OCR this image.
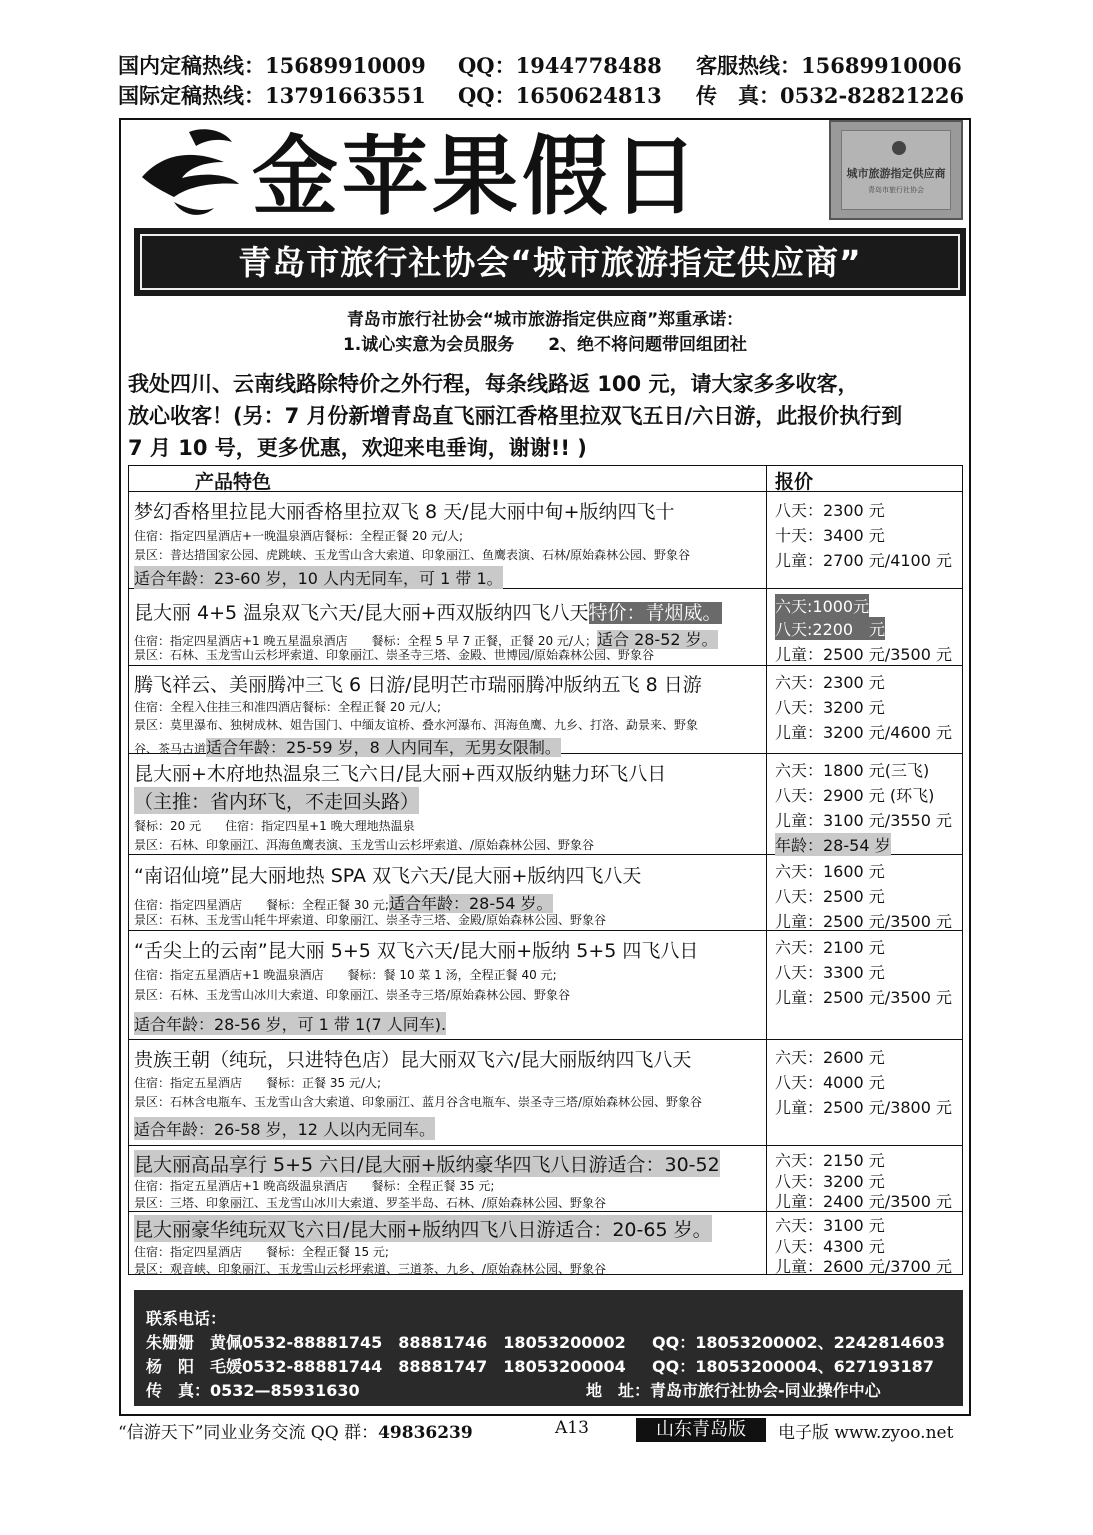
国内定稿热线：15689910009 QQ：1944778488 客服热线：15689910006
国际定稿热线：13791663551 QQ：1650624813 传　真：0532-82821226
金苹果假日	城市旅游指定供应商
青岛市旅行社协会
青岛市旅行社协会“城市旅游指定供应商”
青岛市旅行社协会“城市旅游指定供应商”郑重承诺：
1.诚心实意为会员服务　　2、绝不将问题带回组团社
我处四川、云南线路除特价之外行程，每条线路返 100 元，请大家多多收客，
放心收客！(另：7 月份新增青岛直飞丽江香格里拉双飞五日/六日游，此报价执行到
7 月 10 号，更多优惠，欢迎来电垂询，谢谢!! )
产品特色	报价
梦幻香格里拉昆大丽香格里拉双飞 8 天/昆大丽中甸+版纳四飞十
住宿：指定四星酒店+一晚温泉酒店餐标：全程正餐 20 元/人;
景区：普达措国家公园、虎跳峡、玉龙雪山含大索道、印象丽江、鱼鹰表演、石林/原始森林公园、野象谷
适合年龄：23-60 岁，10 人内无同车，可 1 带 1。
八天：2300 元
十天：3400 元
儿童：2700 元/4100 元
昆大丽 4+5 温泉双飞六天/昆大丽+西双版纳四飞八天特价：青烟威。
住宿：指定四星酒店+1 晚五星温泉酒店　　餐标：全程 5 早 7 正餐，正餐 20 元/人；适合 28-52 岁。
景区：石林、玉龙雪山云杉坪索道、印象丽江、崇圣寺三塔、金殿、世博园/原始森林公园、野象谷
六天:1000元
八天:2200　元
儿童：2500 元/3500 元
腾飞祥云、美丽腾冲三飞 6 日游/昆明芒市瑞丽腾冲版纳五飞 8 日游
住宿：全程入住挂三和准四酒店餐标：全程正餐 20 元/人;
景区：莫里瀑布、独树成林、姐告国门、中缅友谊桥、叠水河瀑布、洱海鱼鹰、九乡、打洛、勐景来、野象
谷、茶马古道适合年龄：25-59 岁，8 人内同车，无男女限制。
六天：2300 元
八天：3200 元
儿童：3200 元/4600 元
昆大丽+木府地热温泉三飞六日/昆大丽+西双版纳魅力环飞八日
（主推：省内环飞，不走回头路）
餐标：20 元　　住宿：指定四星+1 晚大理地热温泉
景区：石林、印象丽江、洱海鱼鹰表演、玉龙雪山云杉坪索道、/原始森林公园、野象谷
六天：1800 元(三飞)
八天：2900 元 (环飞)
儿童：3100 元/3550 元
年龄：28-54 岁
“南诏仙境”昆大丽地热 SPA 双飞六天/昆大丽+版纳四飞八天
住宿：指定四星酒店　　餐标：全程正餐 30 元;适合年龄：28-54 岁。
景区：石林、玉龙雪山牦牛坪索道、印象丽江、崇圣寺三塔、金殿/原始森林公园、野象谷
六天：1600 元
八天：2500 元
儿童：2500 元/3500 元
“舌尖上的云南”昆大丽 5+5 双飞六天/昆大丽+版纳 5+5 四飞八日
住宿：指定五星酒店+1 晚温泉酒店　　餐标：餐 10 菜 1 汤，全程正餐 40 元;
景区：石林、玉龙雪山冰川大索道、印象丽江、崇圣寺三塔/原始森林公园、野象谷
适合年龄：28-56 岁，可 1 带 1(7 人同车).
六天：2100 元
八天：3300 元
儿童：2500 元/3500 元
贵族王朝（纯玩，只进特色店）昆大丽双飞六/昆大丽版纳四飞八天
住宿：指定五星酒店　　餐标：正餐 35 元/人;
景区：石林含电瓶车、玉龙雪山含大索道、印象丽江、蓝月谷含电瓶车、崇圣寺三塔/原始森林公园、野象谷
适合年龄：26-58 岁，12 人以内无同车。
六天：2600 元
八天：4000 元
儿童：2500 元/3800 元
昆大丽高品享行 5+5 六日/昆大丽+版纳豪华四飞八日游适合：30-52
住宿：指定五星酒店+1 晚高级温泉酒店　　餐标：全程正餐 35 元;
景区：三塔、印象丽江、玉龙雪山冰川大索道、罗荃半岛、石林、/原始森林公园、野象谷
六天：2150 元
八天：3200 元
儿童：2400 元/3500 元
昆大丽豪华纯玩双飞六日/昆大丽+版纳四飞八日游适合：20-65 岁。
住宿：指定四星酒店　　餐标：全程正餐 15 元;
景区：观音峡、印象丽江、玉龙雪山云杉坪索道、三道茶、九乡、/原始森林公园、野象谷
六天：3100 元
八天：4300 元
儿童：2600 元/3700 元
联系电话：
朱姗姗　黄佩0532-88881745　88881746　18053200002 QQ：18053200002、2242814603
杨　阳　毛媛0532-88881744　88881747　18053200004 QQ：18053200004、627193187
传　真：0532—85931630	地　址：青岛市旅行社协会-同业操作中心
“信游天下”同业业务交流 QQ 群：49836239	A13	山东青岛版	电子版 www.zyoo.net
